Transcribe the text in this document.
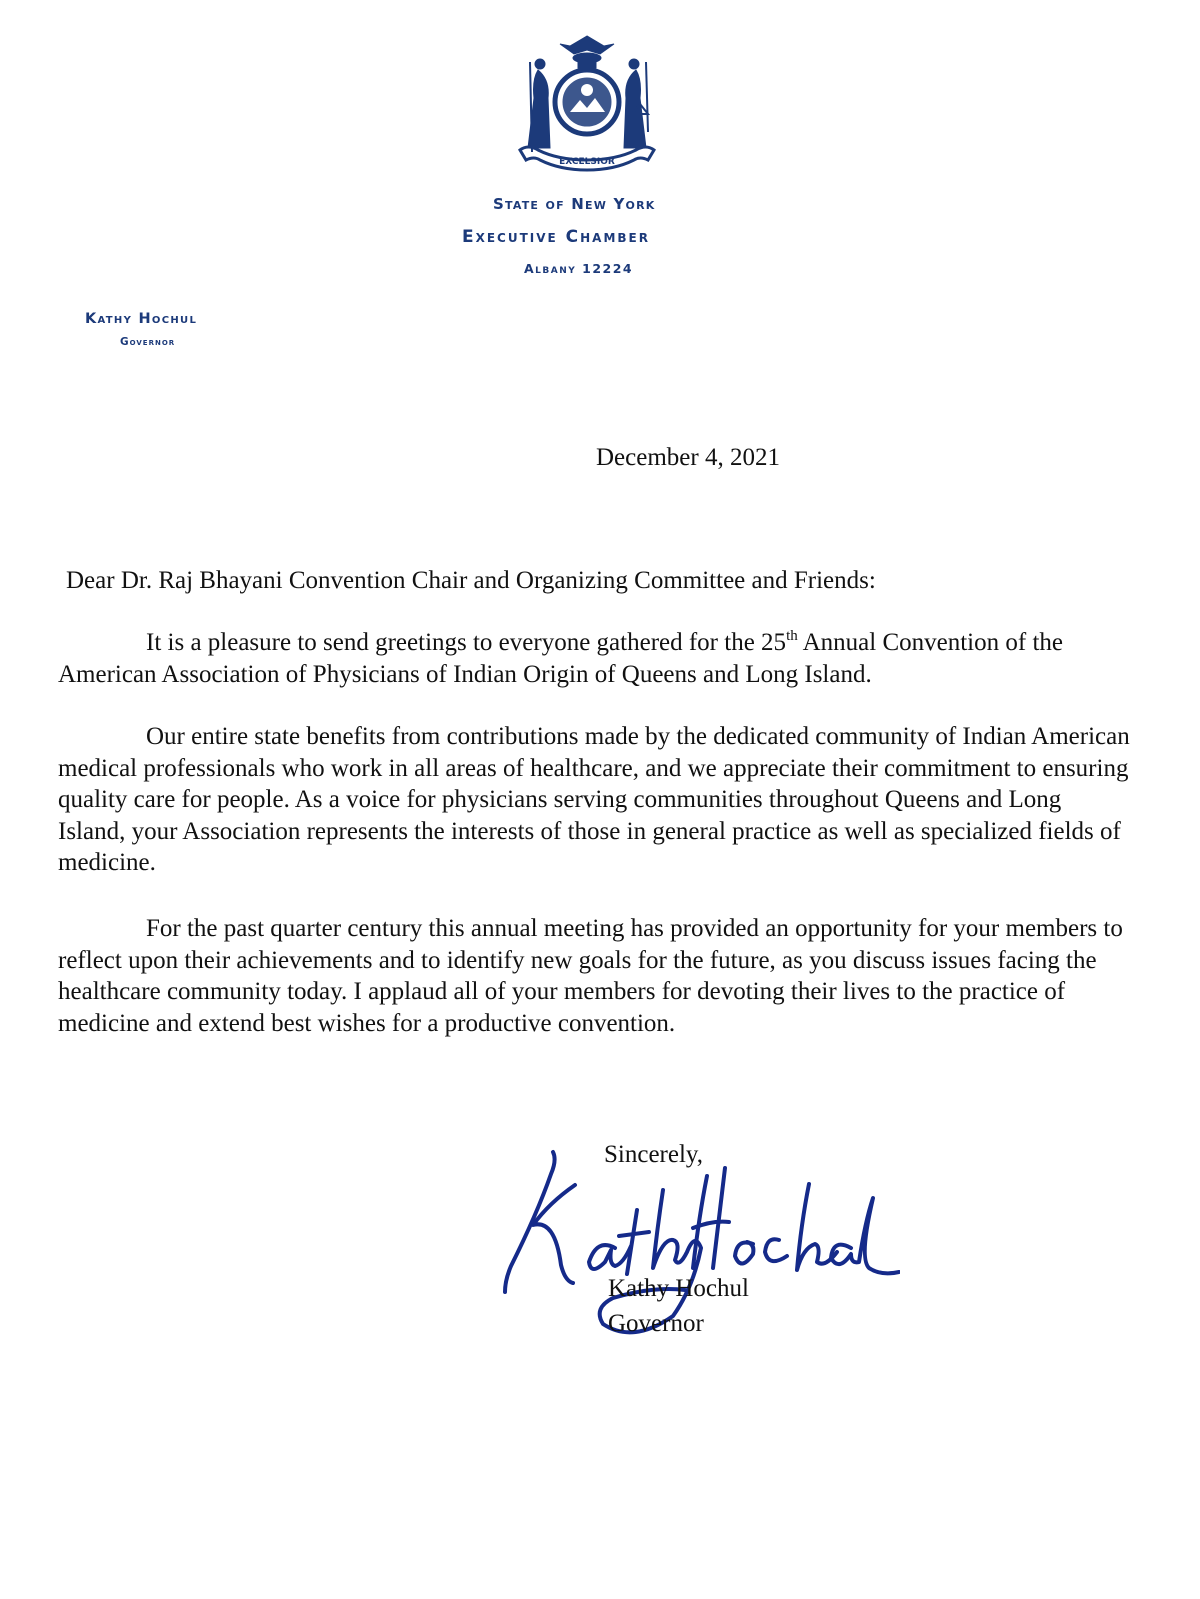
EXCELSIOR
State of New York
Executive Chamber
Albany 12224
Kathy Hochul
Governor
December 4, 2021
Dear Dr. Raj Bhayani Convention Chair and Organizing Committee and Friends:

It is a pleasure to send greetings to everyone gathered for the 25th Annual Convention of the American Association of Physicians of Indian Origin of Queens and Long Island.

Our entire state benefits from contributions made by the dedicated community of Indian American medical professionals who work in all areas of healthcare, and we appreciate their commitment to ensuring quality care for people. As a voice for physicians serving communities throughout Queens and Long Island, your Association represents the interests of those in general practice as well as specialized fields of medicine.

For the past quarter century this annual meeting has provided an opportunity for your members to reflect upon their achievements and to identify new goals for the future, as you discuss issues facing the healthcare community today. I applaud all of your members for devoting their lives to the practice of medicine and extend best wishes for a productive convention.

Sincerely,
Kathy Hochul
Governor
